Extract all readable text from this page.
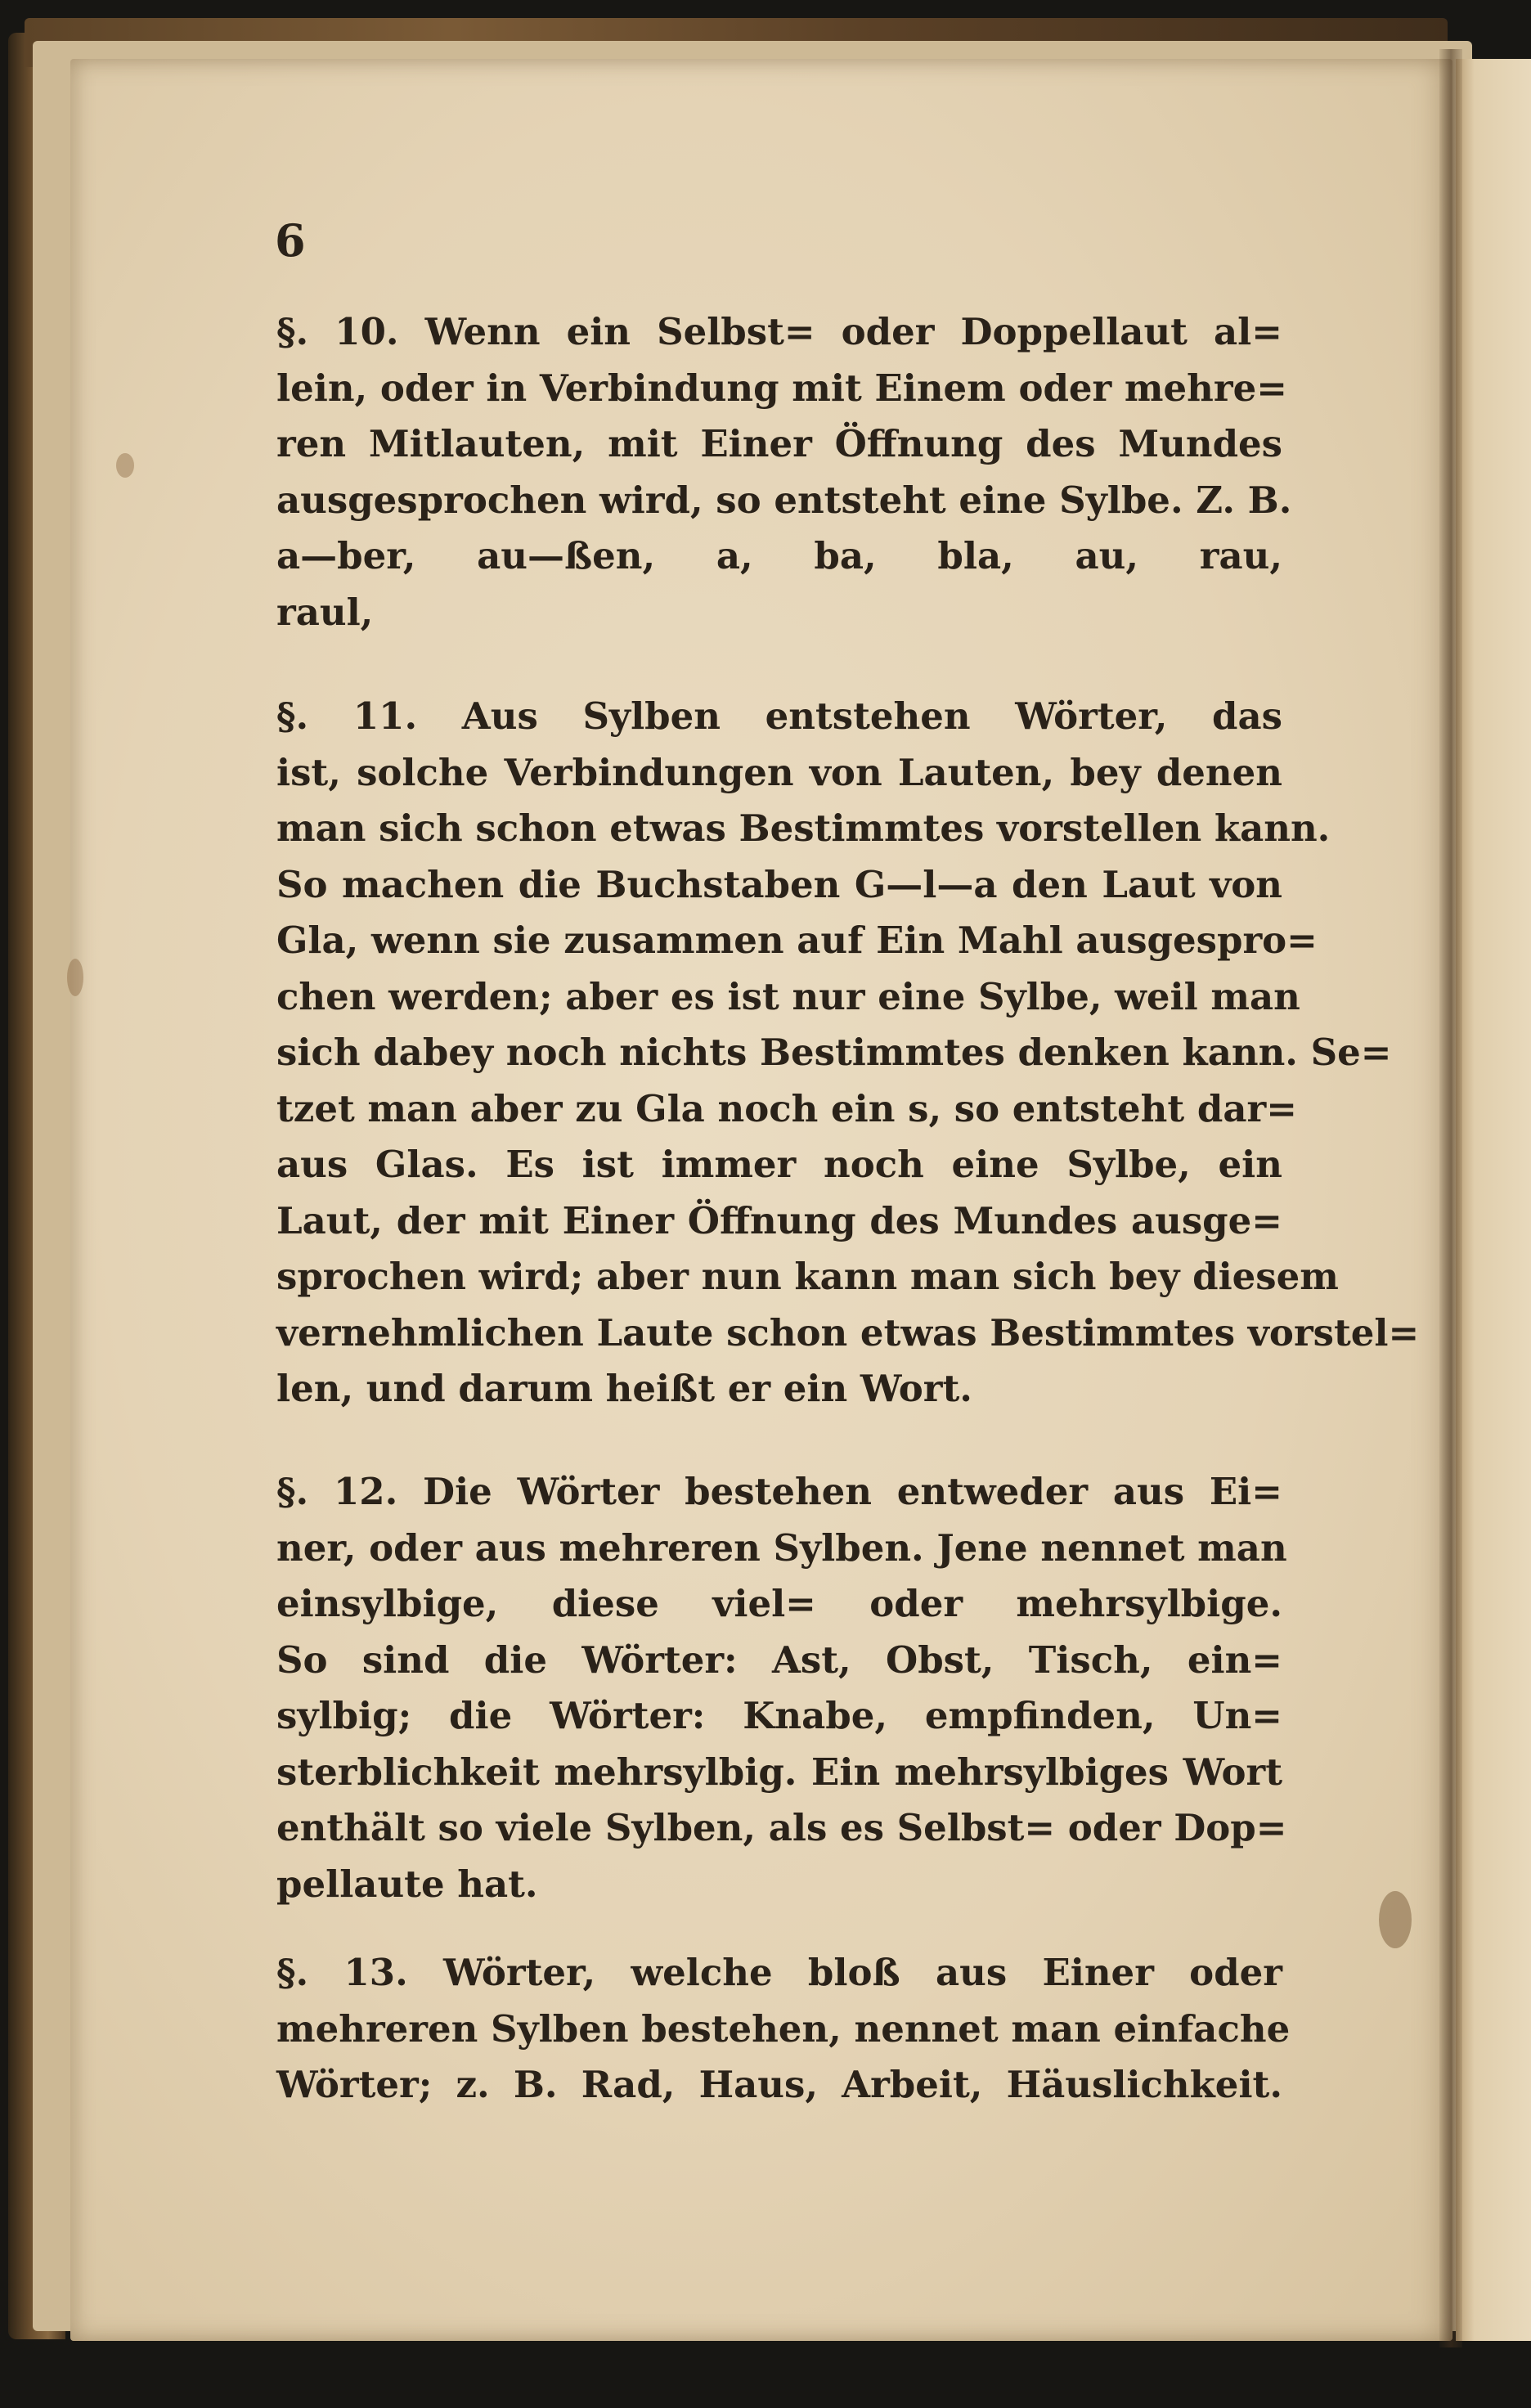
6
§. 10. Wenn ein Selbst= oder Doppellaut al=
lein, oder in Verbindung mit Einem oder mehre=
ren Mitlauten, mit Einer Öffnung des Mundes
ausgesprochen wird, so entsteht eine Sylbe. Z. B.
a—ber, au—ßen, a, ba, bla, au, rau,
raul,
§. 11. Aus Sylben entstehen Wörter, das
ist, solche Verbindungen von Lauten, bey denen
man sich schon etwas Bestimmtes vorstellen kann.
So machen die Buchstaben G—l—a den Laut von
Gla, wenn sie zusammen auf Ein Mahl ausgespro=
chen werden; aber es ist nur eine Sylbe, weil man
sich dabey noch nichts Bestimmtes denken kann. Se=
tzet man aber zu Gla noch ein s, so entsteht dar=
aus Glas. Es ist immer noch eine Sylbe, ein
Laut, der mit Einer Öffnung des Mundes ausge=
sprochen wird; aber nun kann man sich bey diesem
vernehmlichen Laute schon etwas Bestimmtes vorstel=
len, und darum heißt er ein Wort.
§. 12. Die Wörter bestehen entweder aus Ei=
ner, oder aus mehreren Sylben. Jene nennet man
einsylbige, diese viel= oder mehrsylbige.
So sind die Wörter: Ast, Obst, Tisch, ein=
sylbig; die Wörter: Knabe, empfinden, Un=
sterblichkeit mehrsylbig. Ein mehrsylbiges Wort
enthält so viele Sylben, als es Selbst= oder Dop=
pellaute hat.
§. 13. Wörter, welche bloß aus Einer oder
mehreren Sylben bestehen, nennet man einfache
Wörter; z. B. Rad, Haus, Arbeit, Häuslichkeit.
